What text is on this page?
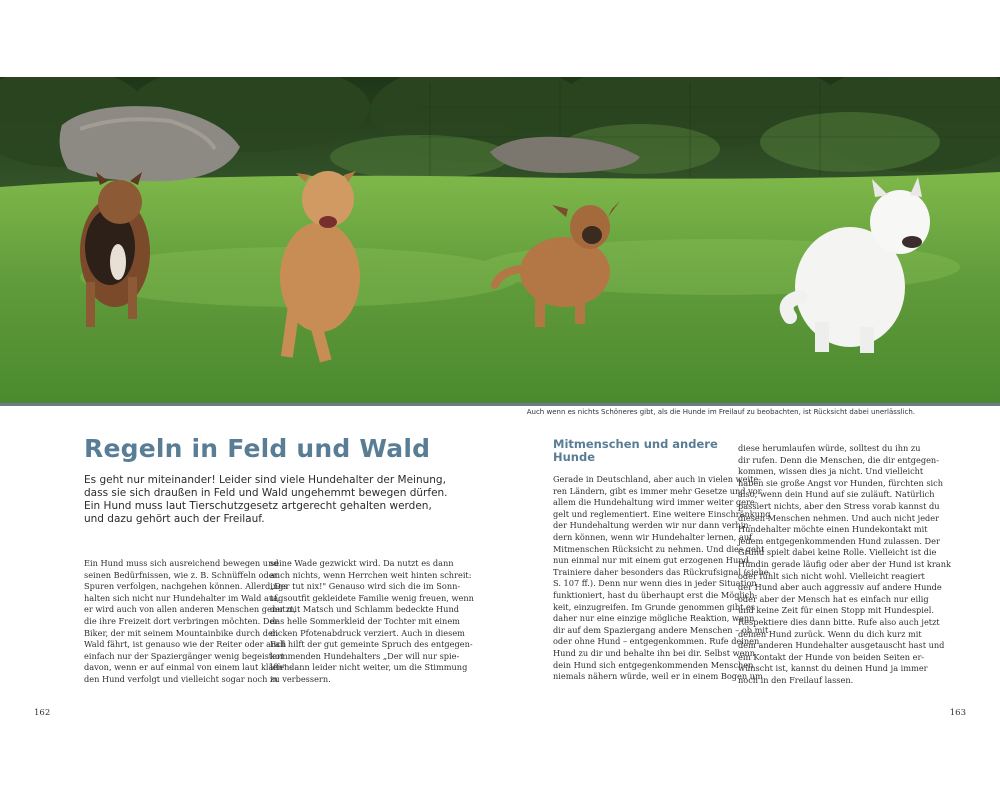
Auch wenn es nichts Schöneres gibt, als die Hunde im Freilauf zu beobachten, ist Rücksicht dabei unerlässlich.
Regeln in Feld und Wald
Es geht nur miteinander! Leider sind viele Hundehalter der Meinung,
dass sie sich draußen in Feld und Wald ungehemmt bewegen dürfen.
Ein Hund muss laut Tierschutzgesetz artgerecht gehalten werden,
und dazu gehört auch der Freilauf.
Ein Hund muss sich ausreichend bewegen und
seinen Bedürfnissen, wie z. B. Schnüffeln oder
Spuren verfolgen, nachgehen können. Allerdings
halten sich nicht nur Hundehalter im Wald auf,
er wird auch von allen anderen Menschen genutzt,
die ihre Freizeit dort verbringen möchten. Der
Biker, der mit seinem Mountainbike durch den
Wald fährt, ist genauso wie der Reiter oder auch
einfach nur der Spaziergänger wenig begeistert
davon, wenn er auf einmal von einem laut kläffen-
den Hund verfolgt und vielleicht sogar noch in
seine Wade gezwickt wird. Da nutzt es dann
auch nichts, wenn Herrchen weit hinten schreit:
„Der tut nix!" Genauso wird sich die im Sonn-
tagsoutfit gekleidete Familie wenig freuen, wenn
der mit Matsch und Schlamm bedeckte Hund
das helle Sommerkleid der Tochter mit einem
dicken Pfotenabdruck verziert. Auch in diesem
Fall hilft der gut gemeinte Spruch des entgegen-
kommenden Hundehalters „Der will nur spie-
len" dann leider nicht weiter, um die Stimmung
zu verbessern.
162
Mitmenschen und andere
Hunde
Gerade in Deutschland, aber auch in vielen weite-
ren Ländern, gibt es immer mehr Gesetze und vor
allem die Hundehaltung wird immer weiter gere-
gelt und reglementiert. Eine weitere Einschränkung
der Hundehaltung werden wir nur dann verhin-
dern können, wenn wir Hundehalter lernen, auf
Mitmenschen Rücksicht zu nehmen. Und dies geht
nun einmal nur mit einem gut erzogenen Hund.
Trainiere daher besonders das Rückrufsignal (siehe
S. 107 ff.). Denn nur wenn dies in jeder Situation
funktioniert, hast du überhaupt erst die Möglich-
keit, einzugreifen. Im Grunde genommen gibt es
daher nur eine einzige mögliche Reaktion, wenn
dir auf dem Spaziergang andere Menschen – ob mit
oder ohne Hund – entgegenkommen. Rufe deinen
Hund zu dir und behalte ihn bei dir. Selbst wenn
dein Hund sich entgegenkommenden Menschen
niemals nähern würde, weil er in einem Bogen um
diese herumlaufen würde, solltest du ihn zu
dir rufen. Denn die Menschen, die dir entgegen-
kommen, wissen dies ja nicht. Und vielleicht
haben sie große Angst vor Hunden, fürchten sich
also, wenn dein Hund auf sie zuläuft. Natürlich
passiert nichts, aber den Stress vorab kannst du
diesen Menschen nehmen. Und auch nicht jeder
Hundehalter möchte einen Hundekontakt mit
jedem entgegenkommenden Hund zulassen. Der
Grund spielt dabei keine Rolle. Vielleicht ist die
Hündin gerade läufig oder aber der Hund ist krank
oder fühlt sich nicht wohl. Vielleicht reagiert
der Hund aber auch aggressiv auf andere Hunde
oder aber der Mensch hat es einfach nur eilig
und keine Zeit für einen Stopp mit Hundespiel.
Respektiere dies dann bitte. Rufe also auch jetzt
deinen Hund zurück. Wenn du dich kurz mit
dem anderen Hundehalter ausgetauscht hast und
ein Kontakt der Hunde von beiden Seiten er-
wünscht ist, kannst du deinen Hund ja immer
noch in den Freilauf lassen.
163
